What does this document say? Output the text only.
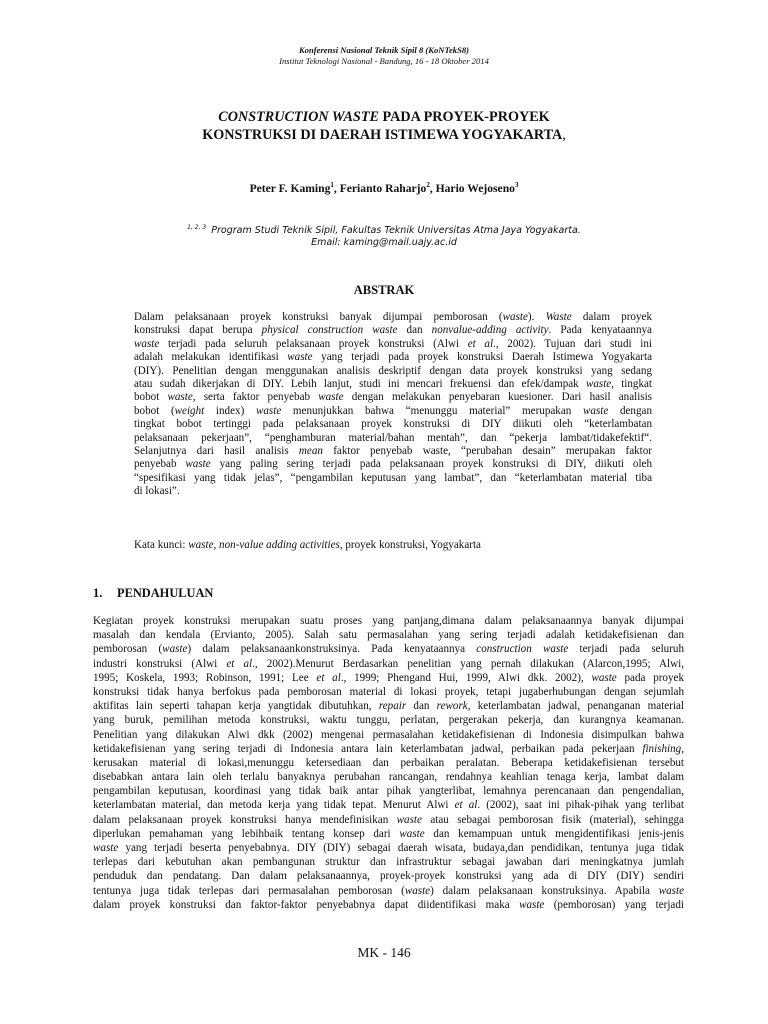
Konferensi Nasional Teknik Sipil 8 (KoNTekS8)
Institut Teknologi Nasional - Bandung, 16 - 18 Oktober 2014
CONSTRUCTION WASTE PADA PROYEK-PROYEK
KONSTRUKSI DI DAERAH ISTIMEWA YOGYAKARTA,
Peter F. Kaming$^1$, Ferianto Raharjo$^2$, Hario Wejoseno$^3$
$^{1, 2, 3}$ Program Studi Teknik Sipil, Fakultas Teknik Universitas Atma Jaya Yogyakarta.
Email: kaming@mail.uajy.ac.id
ABSTRAK
Dalam pelaksanaan proyek konstruksi banyak dijumpai pemborosan (waste). Waste dalam proyek
konstruksi dapat berupa physical construction waste dan nonvalue-adding activity. Pada kenyataannya
waste terjadi pada seluruh pelaksanaan proyek konstruksi (Alwi et al., 2002). Tujuan dari studi ini
adalah melakukan identifikasi waste yang terjadi pada proyek konstruksi Daerah Istimewa Yogyakarta
(DIY). Penelitian dengan menggunakan analisis deskriptif dengan data proyek konstruksi yang sedang
atau sudah dikerjakan di DIY. Lebih lanjut, studi ini mencari frekuensi dan efek/dampak waste, tingkat
bobot waste, serta faktor penyebab waste dengan melakukan penyebaran kuesioner. Dari hasil analisis
bobot (weight index) waste menunjukkan bahwa “menunggu material” merupakan waste dengan
tingkat bobot tertinggi pada pelaksanaan proyek konstruksi di DIY diikuti oleh “keterlambatan
pelaksanaan pekerjaan”, “penghamburan material/bahan mentah”, dan “pekerja lambat/tidakefektif“.
Selanjutnya dari hasil analisis mean faktor penyebab waste, “perubahan desain” merupakan faktor
penyebab waste yang paling sering terjadi pada pelaksanaan proyek konstruksi di DIY, diikuti oleh
“spesifikasi yang tidak jelas”, “pengambilan keputusan yang lambat”, dan “keterlambatan material tiba
di lokasi”.
Kata kunci: waste, non-value adding activities, proyek konstruksi, Yogyakarta
1. PENDAHULUAN
Kegiatan proyek konstruksi merupakan suatu proses yang panjang,dimana dalam pelaksanaannya banyak dijumpai
masalah dan kendala (Ervianto, 2005). Salah satu permasalahan yang sering terjadi adalah ketidakefisienan dan
pemborosan (waste) dalam pelaksanaankonstruksinya. Pada kenyataannya construction waste terjadi pada seluruh
industri konstruksi (Alwi et al., 2002).Menurut Berdasarkan penelitian yang pernah dilakukan (Alarcon,1995; Alwi,
1995; Koskela, 1993; Robinson, 1991; Lee et al., 1999; Phengand Hui, 1999, Alwi dkk. 2002), waste pada proyek
konstruksi tidak hanya berfokus pada pemborosan material di lokasi proyek, tetapi jugaberhubungan dengan sejumlah
aktifitas lain seperti tahapan kerja yangtidak dibutuhkan, repair dan rework, keterlambatan jadwal, penanganan material
yang buruk, pemilihan metoda konstruksi, waktu tunggu, perlatan, pergerakan pekerja, dan kurangnya keamanan.
Penelitian yang dilakukan Alwi dkk (2002) mengenai permasalahan ketidakefisienan di Indonesia disimpulkan bahwa
ketidakefisienan yang sering terjadi di Indonesia antara lain keterlambatan jadwal, perbaikan pada pekerjaan finishing,
kerusakan material di lokasi,menunggu ketersediaan dan perbaikan peralatan. Beberapa ketidakefisienan tersebut
disebabkan antara lain oleh terlalu banyaknya perubahan rancangan, rendahnya keahlian tenaga kerja, lambat dalam
pengambilan keputusan, koordinasi yang tidak baik antar pihak yangterlibat, lemahnya perencanaan dan pengendalian,
keterlambatan material, dan metoda kerja yang tidak tepat. Menurut Alwi et al. (2002), saat ini pihak-pihak yang terlibat
dalam pelaksanaan proyek konstruksi hanya mendefinisikan waste atau sebagai pemborosan fisik (material), sehingga
diperlukan pemahaman yang lebihbaik tentang konsep dari waste dan kemampuan untuk mengidentifikasi jenis-jenis
waste yang terjadi beserta penyebabnya. DIY (DIY) sebagai daerah wisata, budaya,dan pendidikan, tentunya juga tidak
terlepas dari kebutuhan akan pembangunan struktur dan infrastruktur sebagai jawaban dari meningkatnya jumlah
penduduk dan pendatang. Dan dalam pelaksanaannya, proyek-proyek konstruksi yang ada di DIY (DIY) sendiri
tentunya juga tidak terlepas dari permasalahan pemborosan (waste) dalam pelaksanaan konstruksinya. Apabila waste
dalam proyek konstruksi dan faktor-faktor penyebabnya dapat diidentifikasi maka waste (pemborosan) yang terjadi
MK - 146
